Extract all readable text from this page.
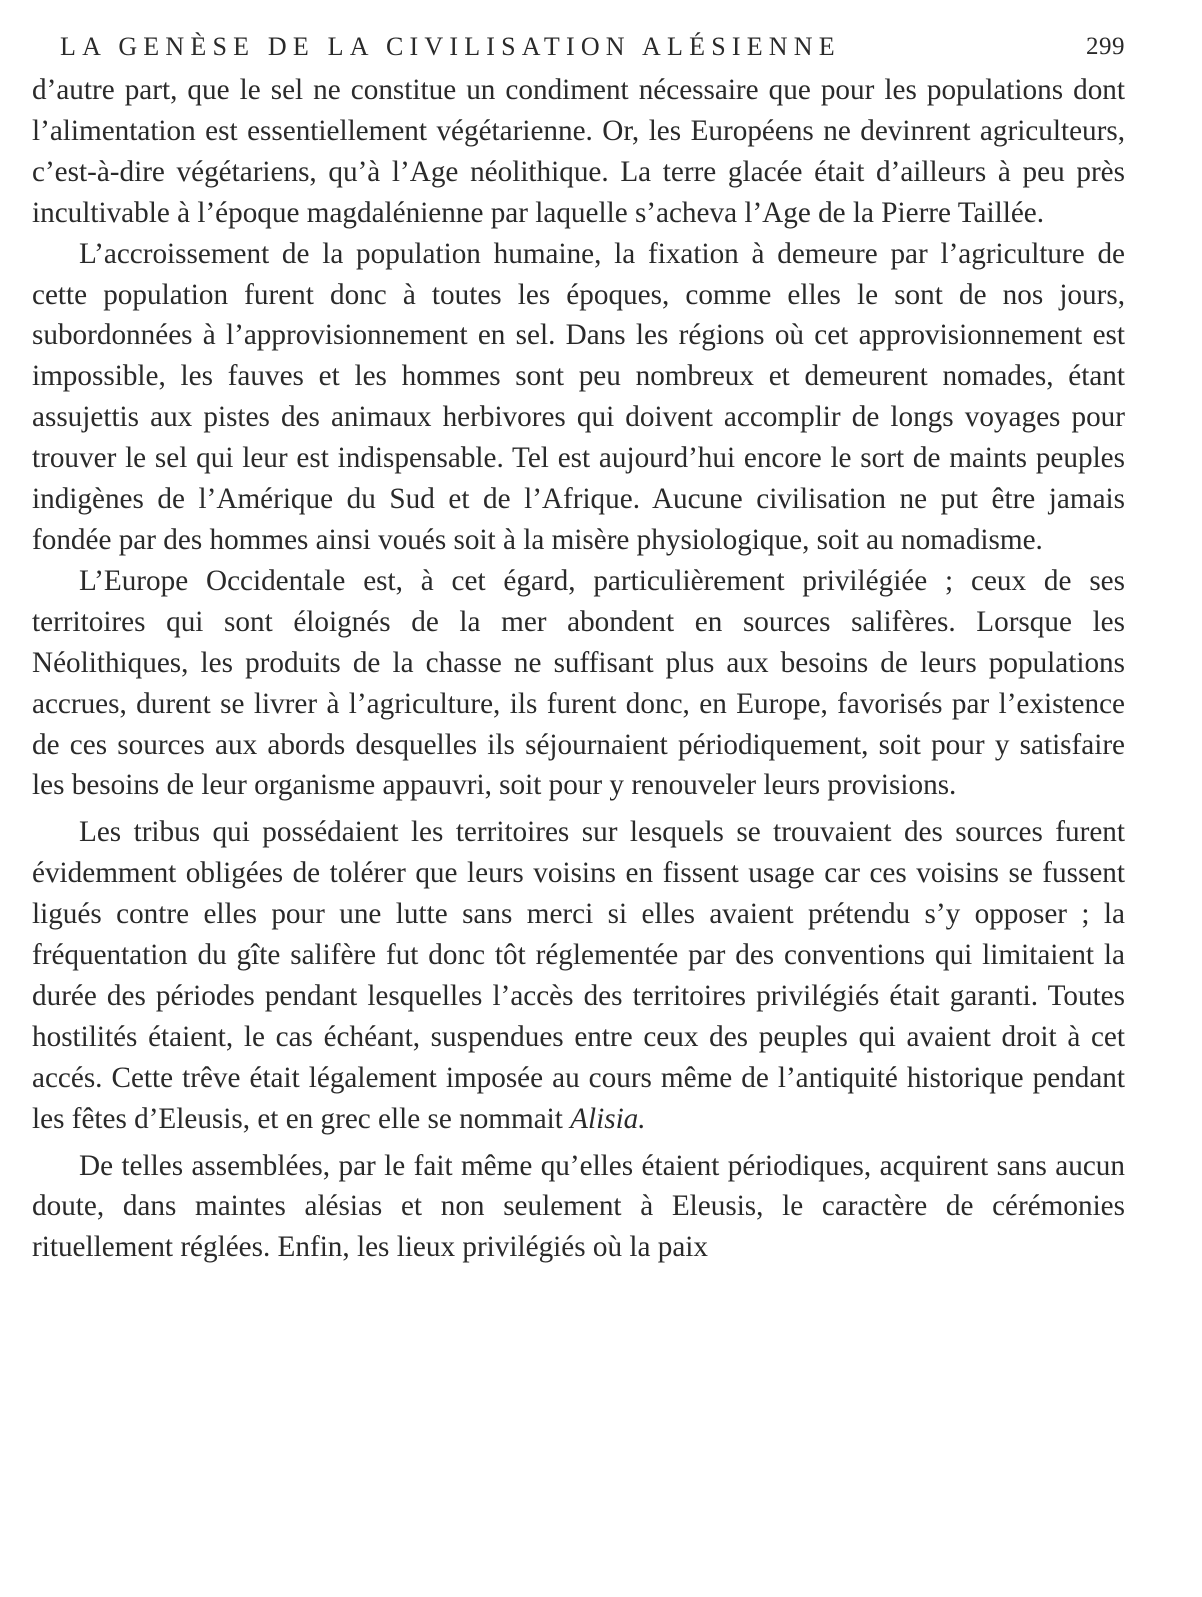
LA GENÈSE DE LA CIVILISATION ALÉSIENNE	299

d’autre part, que le sel ne constitue un condiment nécessaire que pour les populations dont l’alimentation est essentiellement végétarienne. Or, les Européens ne devinrent agriculteurs, c’est-à-dire végétariens, qu’à l’Age néolithique. La terre glacée était d’ailleurs à peu près incultivable à l’époque magdalénienne par laquelle s’acheva l’Age de la Pierre Taillée.

L’accroissement de la population humaine, la fixation à demeure par l’agriculture de cette population furent donc à toutes les époques, comme elles le sont de nos jours, subordonnées à l’approvisionnement en sel. Dans les régions où cet approvisionnement est impossible, les fauves et les hommes sont peu nombreux et demeurent nomades, étant assujettis aux pistes des animaux herbivores qui doivent accomplir de longs voyages pour trouver le sel qui leur est indispensable. Tel est aujourd’hui encore le sort de maints peuples indigènes de l’Amérique du Sud et de l’Afrique. Aucune civilisation ne put être jamais fondée par des hommes ainsi voués soit à la misère physiologique, soit au nomadisme.

L’Europe Occidentale est, à cet égard, particulièrement privilégiée ; ceux de ses territoires qui sont éloignés de la mer abondent en sources salifères. Lorsque les Néolithiques, les produits de la chasse ne suffisant plus aux besoins de leurs populations accrues, durent se livrer à l’agriculture, ils furent donc, en Europe, favorisés par l’existence de ces sources aux abords desquelles ils séjournaient périodiquement, soit pour y satisfaire les besoins de leur organisme appauvri, soit pour y renouveler leurs provisions.

Les tribus qui possédaient les territoires sur lesquels se trouvaient des sources furent évidemment obligées de tolérer que leurs voisins en fissent usage car ces voisins se fussent ligués contre elles pour une lutte sans merci si elles avaient prétendu s’y opposer ; la fréquentation du gîte salifère fut donc tôt réglementée par des conventions qui limitaient la durée des périodes pendant lesquelles l’accès des territoires privilégiés était garanti. Toutes hostilités étaient, le cas échéant, suspendues entre ceux des peuples qui avaient droit à cet accés. Cette trêve était légalement imposée au cours même de l’antiquité historique pendant les fêtes d’Eleusis, et en grec elle se nommait Alisia.

De telles assemblées, par le fait même qu’elles étaient périodiques, acquirent sans aucun doute, dans maintes alésias et non seulement à Eleusis, le caractère de cérémonies rituellement réglées. Enfin, les lieux privilégiés où la paix
